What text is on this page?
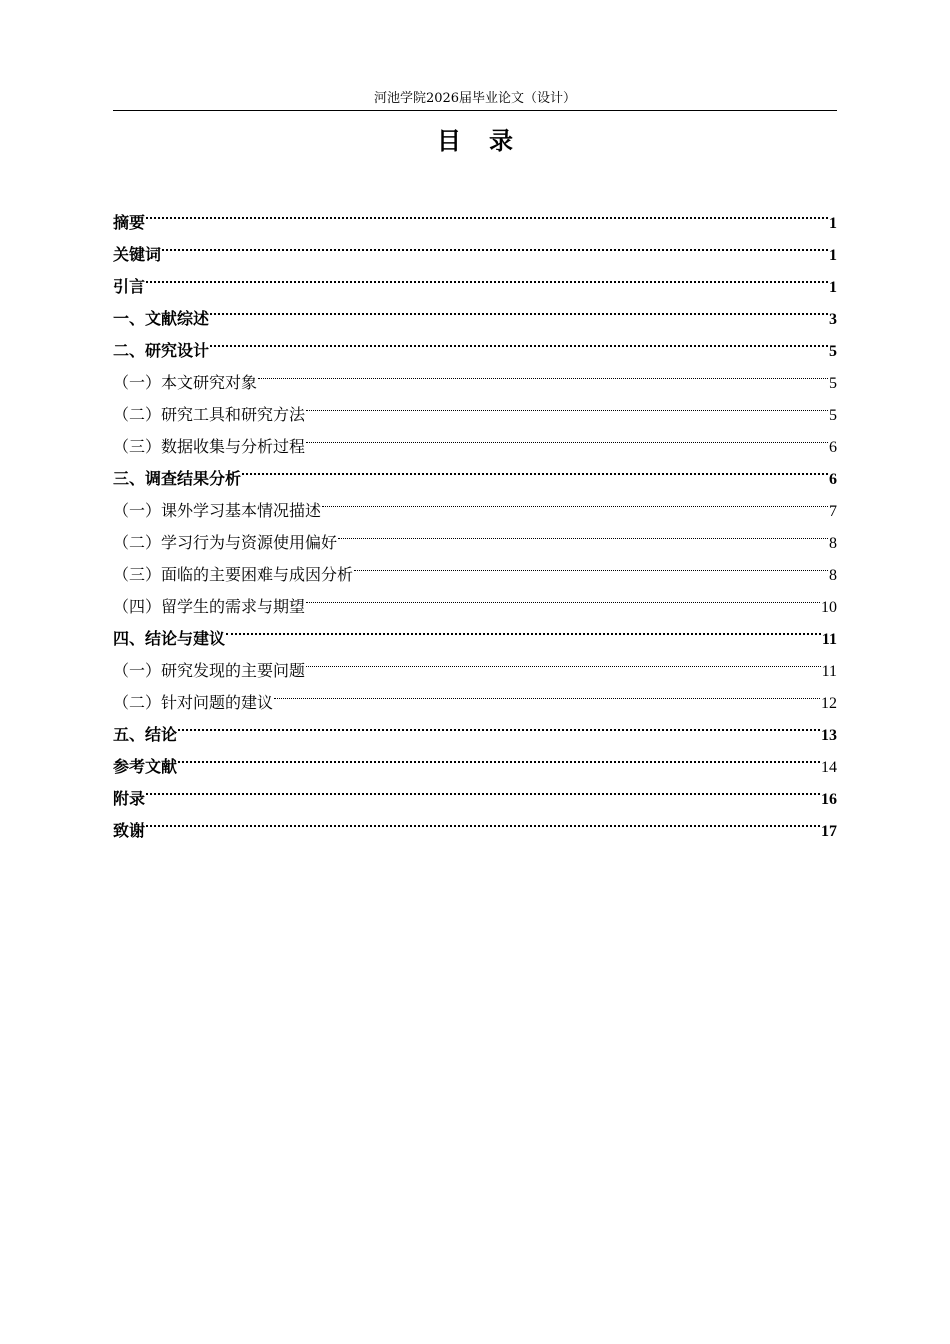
河池学院2026届毕业论文（设计）
目录
摘要	1
关键词	1
引言	1
一、文献综述	3
二、研究设计	5
（一）本文研究对象	5
（二）研究工具和研究方法	5
（三）数据收集与分析过程	6
三、调查结果分析	6
（一）课外学习基本情况描述	7
（二）学习行为与资源使用偏好	8
（三）面临的主要困难与成因分析	8
（四）留学生的需求与期望	10
四、结论与建议	11
（一）研究发现的主要问题	11
（二）针对问题的建议	12
五、结论	13
参考文献	14
附录	16
致谢	17
